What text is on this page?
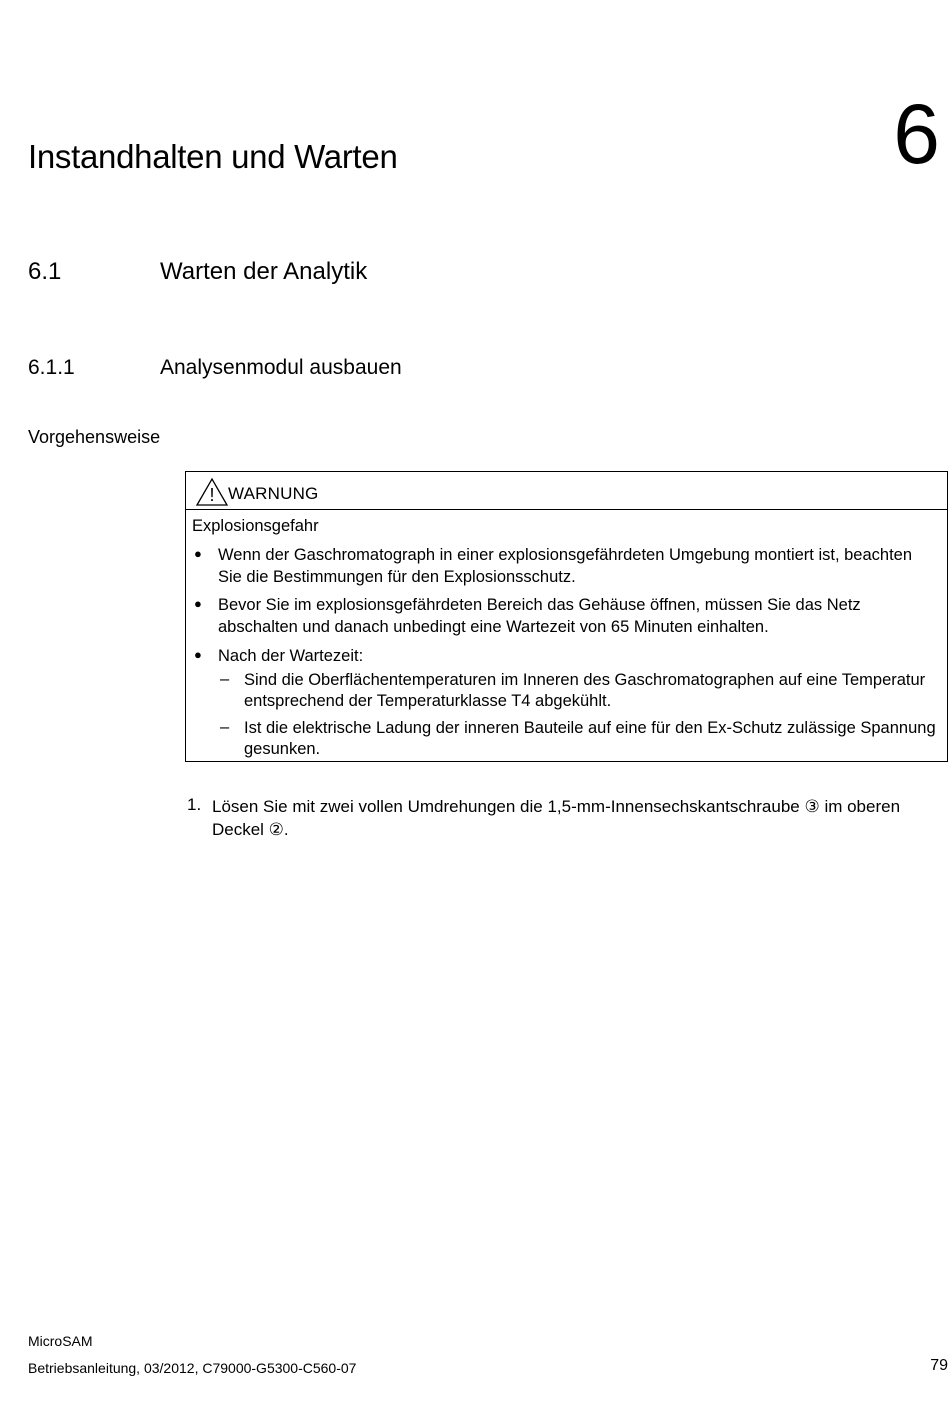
Instandhalten und Warten	6
6.1	Warten der Analytik
6.1.1	Analysenmodul ausbauen
Vorgehensweise
! WARNUNG
Explosionsgefahr
● Wenn der Gaschromatograph in einer explosionsgefährdeten Umgebung montiert ist, beachten Sie die Bestimmungen für den Explosionsschutz.
● Bevor Sie im explosionsgefährdeten Bereich das Gehäuse öffnen, müssen Sie das Netz abschalten und danach unbedingt eine Wartezeit von 65 Minuten einhalten.
● Nach der Wartezeit:
– Sind die Oberflächentemperaturen im Inneren des Gaschromatographen auf eine Temperatur entsprechend der Temperaturklasse T4 abgekühlt.
– Ist die elektrische Ladung der inneren Bauteile auf eine für den Ex-Schutz zulässige Spannung gesunken.
1. Lösen Sie mit zwei vollen Umdrehungen die 1,5-mm-Innensechskantschraube ③ im oberen Deckel ②.
MicroSAM
Betriebsanleitung, 03/2012, C79000-G5300-C560-07	79
